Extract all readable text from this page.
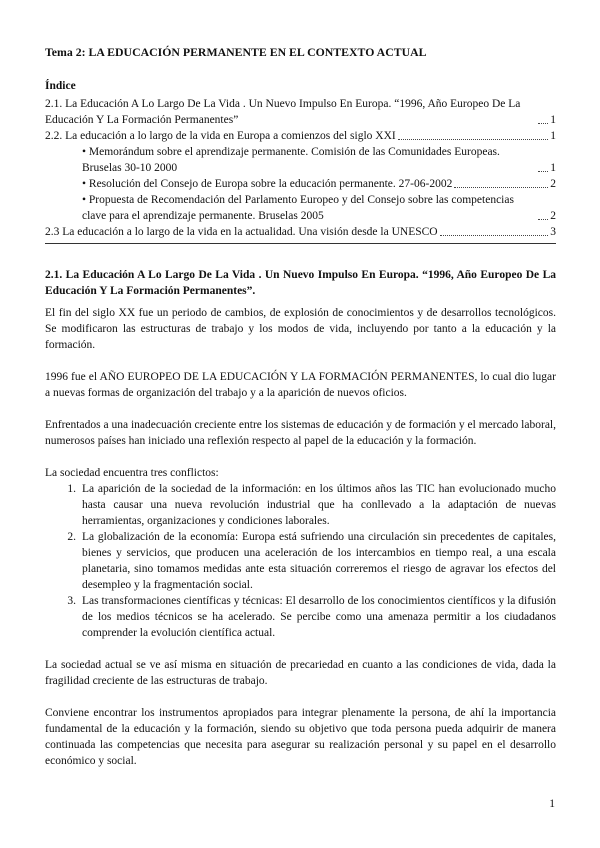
Tema 2: LA EDUCACIÓN PERMANENTE EN EL CONTEXTO ACTUAL
Índice
2.1. La Educación A Lo Largo De La Vida . Un Nuevo Impulso En Europa. “1996, Año Europeo De La Educación Y La Formación Permanentes”	1
2.2. La educación a lo largo de la vida en Europa a comienzos del siglo XXI	1
• Memorándum sobre el aprendizaje permanente. Comisión de las Comunidades Europeas. Bruselas 30-10 2000	1
• Resolución del Consejo de Europa sobre la educación permanente. 27-06-2002	2
• Propuesta de Recomendación del Parlamento Europeo y del Consejo sobre las competencias clave para el aprendizaje permanente. Bruselas 2005	2
2.3 La educación a lo largo de la vida en la actualidad. Una visión desde la UNESCO	3
2.1. La Educación A Lo Largo De La Vida . Un Nuevo Impulso En Europa. “1996, Año Europeo De La Educación Y La Formación Permanentes”.

El fin del siglo XX fue un periodo de cambios, de explosión de conocimientos y de desarrollos tecnológicos. Se modificaron las estructuras de trabajo y los modos de vida, incluyendo por tanto a la educación y la formación.

1996 fue el AÑO EUROPEO DE LA EDUCACIÓN Y LA FORMACIÓN PERMANENTES, lo cual dio lugar a nuevas formas de organización del trabajo y a la aparición de nuevos oficios.

Enfrentados a una inadecuación creciente entre los sistemas de educación y de formación y el mercado laboral, numerosos países han iniciado una reflexión respecto al papel de la educación y la formación.

La sociedad encuentra tres conflictos:

1. La aparición de la sociedad de la información: en los últimos años las TIC han evolucionado mucho hasta causar una nueva revolución industrial que ha conllevado a la adaptación de nuevas herramientas, organizaciones y condiciones laborales.
2. La globalización de la economía: Europa está sufriendo una circulación sin precedentes de capitales, bienes y servicios, que producen una aceleración de los intercambios en tiempo real, a una escala planetaria, sino tomamos medidas ante esta situación correremos el riesgo de agravar los efectos del desempleo y la fragmentación social.
3. Las transformaciones científicas y técnicas: El desarrollo de los conocimientos científicos y la difusión de los medios técnicos se ha acelerado. Se percibe como una amenaza permitir a los ciudadanos comprender la evolución científica actual.

La sociedad actual se ve así misma en situación de precariedad en cuanto a las condiciones de vida, dada la fragilidad creciente de las estructuras de trabajo.

Conviene encontrar los instrumentos apropiados para integrar plenamente la persona, de ahí la importancia fundamental de la educación y la formación, siendo su objetivo que toda persona pueda adquirir de manera continuada las competencias que necesita para asegurar su realización personal y su papel en el desarrollo económico y social.

1
